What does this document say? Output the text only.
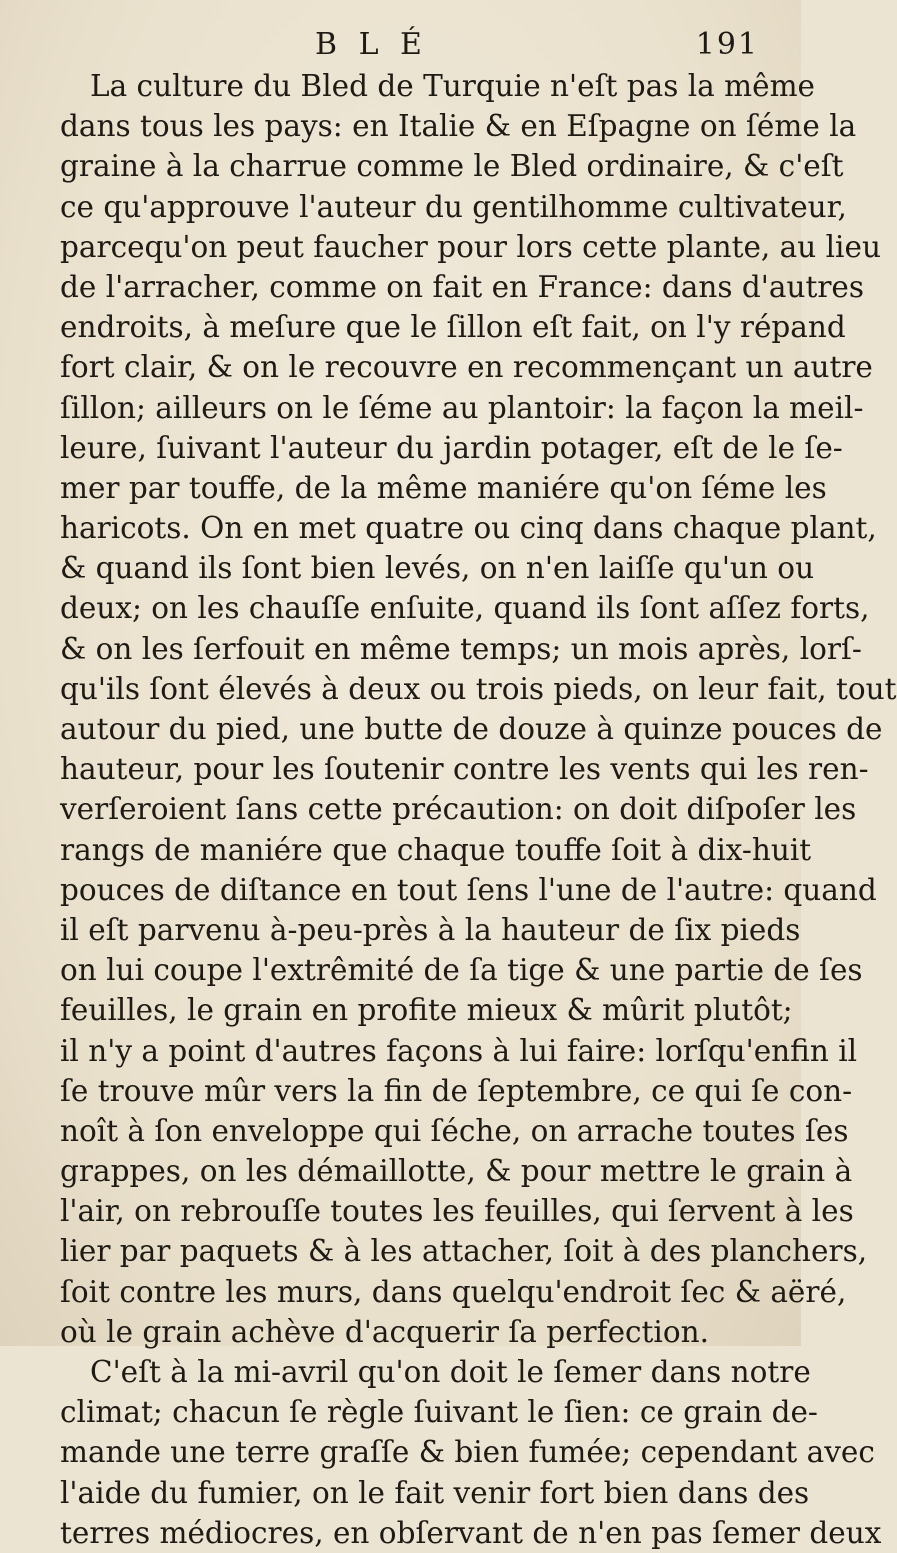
B L É	191
La culture du Bled de Turquie n'eſt pas la même
dans tous les pays: en Italie & en Eſpagne on ſéme la
graine à la charrue comme le Bled ordinaire, & c'eſt
ce qu'approuve l'auteur du gentilhomme cultivateur,
parcequ'on peut faucher pour lors cette plante, au lieu
de l'arracher, comme on fait en France: dans d'autres
endroits, à meſure que le ſillon eſt fait, on l'y répand
fort clair, & on le recouvre en recommençant un autre
ſillon; ailleurs on le ſéme au plantoir: la façon la meil-
leure, ſuivant l'auteur du jardin potager, eſt de le ſe-
mer par touffe, de la même maniére qu'on ſéme les
haricots. On en met quatre ou cinq dans chaque plant,
& quand ils ſont bien levés, on n'en laiſſe qu'un ou
deux; on les chauſſe enſuite, quand ils ſont aſſez forts,
& on les ſerfouit en même temps; un mois après, lorſ-
qu'ils ſont élevés à deux ou trois pieds, on leur fait, tout
autour du pied, une butte de douze à quinze pouces de
hauteur, pour les ſoutenir contre les vents qui les ren-
verſeroient ſans cette précaution: on doit diſpoſer les
rangs de maniére que chaque touffe ſoit à dix-huit
pouces de diſtance en tout ſens l'une de l'autre: quand
il eſt parvenu à-peu-près à la hauteur de ſix pieds
on lui coupe l'extrêmité de ſa tige & une partie de ſes
feuilles, le grain en profite mieux & mûrit plutôt;
il n'y a point d'autres façons à lui faire: lorſqu'enfin il
ſe trouve mûr vers la fin de ſeptembre, ce qui ſe con-
noît à ſon enveloppe qui ſéche, on arrache toutes ſes
grappes, on les démaillotte, & pour mettre le grain à
l'air, on rebrouſſe toutes les feuilles, qui ſervent à les
lier par paquets & à les attacher, ſoit à des planchers,
ſoit contre les murs, dans quelqu'endroit ſec & aëré,
où le grain achève d'acquerir ſa perfection.
C'eſt à la mi-avril qu'on doit le ſemer dans notre
climat; chacun ſe règle ſuivant le ſien: ce grain de-
mande une terre graſſe & bien fumée; cependant avec
l'aide du fumier, on le fait venir fort bien dans des
terres médiocres, en obſervant de n'en pas ſemer deux
